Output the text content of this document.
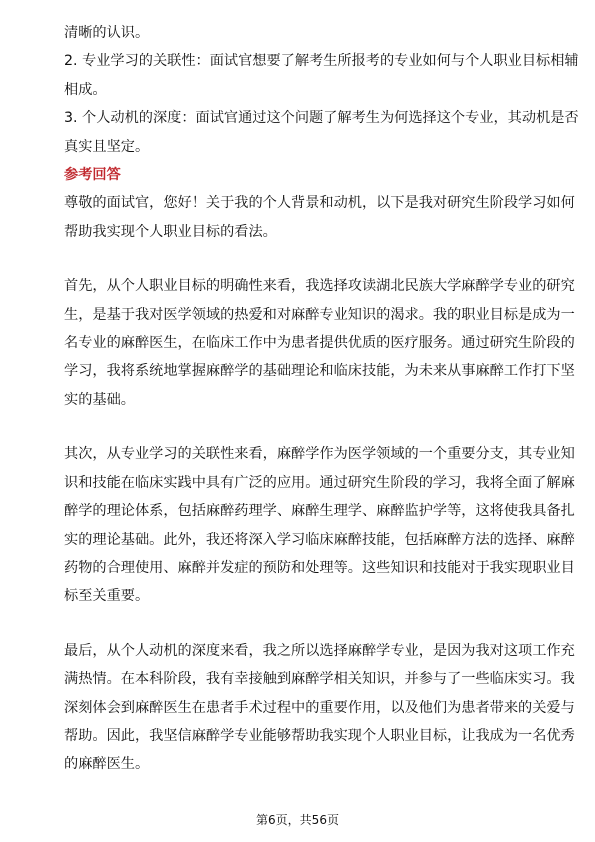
清晰的认识。

2. 专业学习的关联性：面试官想要了解考生所报考的专业如何与个人职业目标相辅相成。

3. 个人动机的深度：面试官通过这个问题了解考生为何选择这个专业，其动机是否真实且坚定。

参考回答

尊敬的面试官，您好！关于我的个人背景和动机，以下是我对研究生阶段学习如何帮助我实现个人职业目标的看法。

首先，从个人职业目标的明确性来看，我选择攻读湖北民族大学麻醉学专业的研究生，是基于我对医学领域的热爱和对麻醉专业知识的渴求。我的职业目标是成为一名专业的麻醉医生，在临床工作中为患者提供优质的医疗服务。通过研究生阶段的学习，我将系统地掌握麻醉学的基础理论和临床技能，为未来从事麻醉工作打下坚实的基础。

其次，从专业学习的关联性来看，麻醉学作为医学领域的一个重要分支，其专业知识和技能在临床实践中具有广泛的应用。通过研究生阶段的学习，我将全面了解麻醉学的理论体系，包括麻醉药理学、麻醉生理学、麻醉监护学等，这将使我具备扎实的理论基础。此外，我还将深入学习临床麻醉技能，包括麻醉方法的选择、麻醉药物的合理使用、麻醉并发症的预防和处理等。这些知识和技能对于我实现职业目标至关重要。

最后，从个人动机的深度来看，我之所以选择麻醉学专业，是因为我对这项工作充满热情。在本科阶段，我有幸接触到麻醉学相关知识，并参与了一些临床实习。我深刻体会到麻醉医生在患者手术过程中的重要作用，以及他们为患者带来的关爱与帮助。因此，我坚信麻醉学专业能够帮助我实现个人职业目标，让我成为一名优秀的麻醉医生。

第6页，共56页
